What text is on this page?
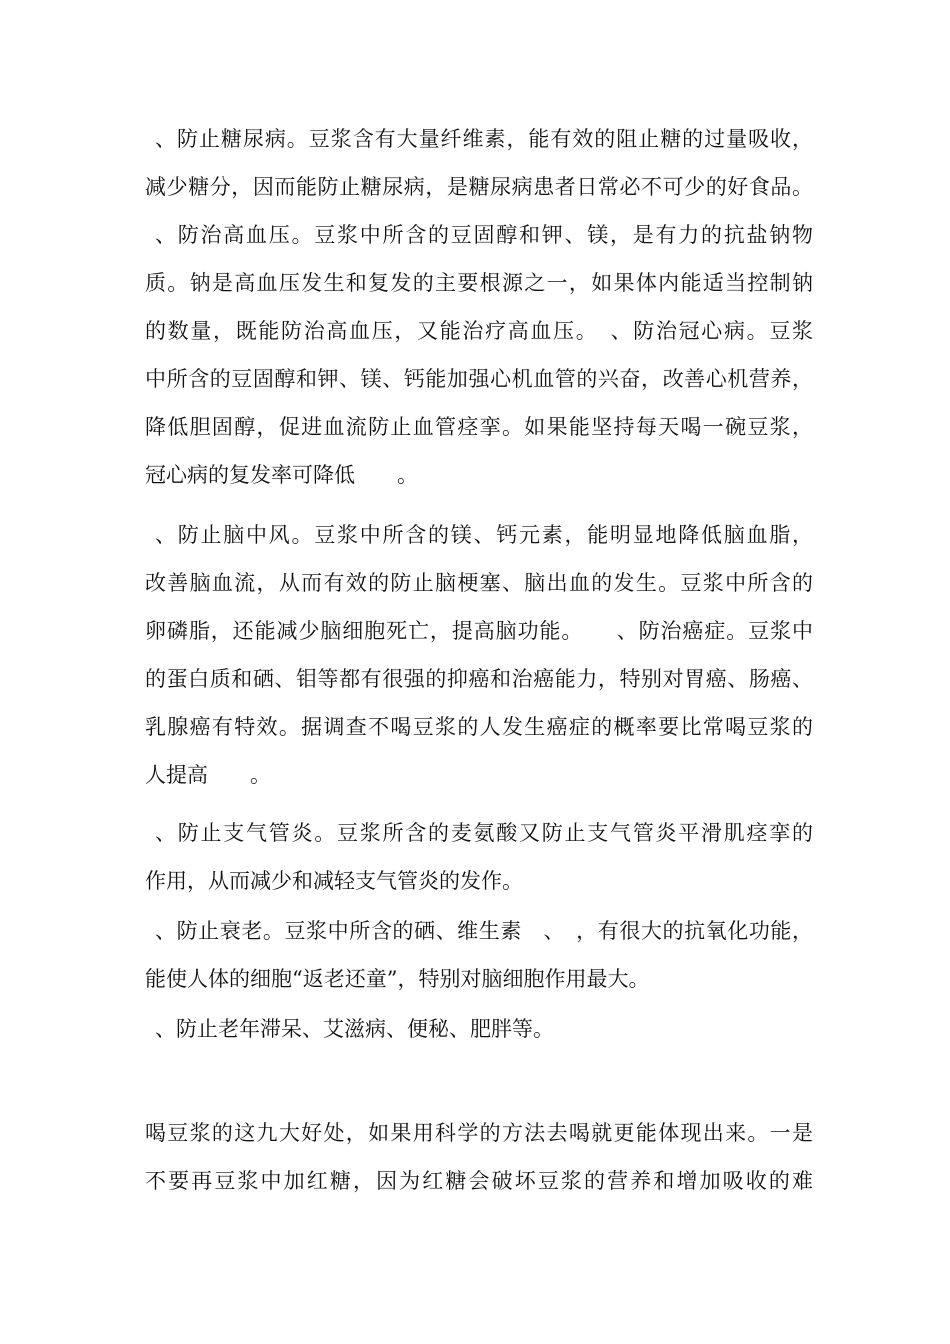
、防止糖尿病。豆浆含有大量纤维素，能有效的阻止糖的过量吸收，
减少糖分，因而能防止糖尿病，是糖尿病患者日常必不可少的好食品。
、防治高血压。豆浆中所含的豆固醇和钾、镁，是有力的抗盐钠物
质。钠是高血压发生和复发的主要根源之一，如果体内能适当控制钠
的数量，既能防治高血压，又能治疗高血压。　、防治冠心病。豆浆
中所含的豆固醇和钾、镁、钙能加强心机血管的兴奋，改善心机营养，
降低胆固醇，促进血流防止血管痉挛。如果能坚持每天喝一碗豆浆，
冠心病的复发率可降低　　。
、防止脑中风。豆浆中所含的镁、钙元素，能明显地降低脑血脂，
改善脑血流，从而有效的防止脑梗塞、脑出血的发生。豆浆中所含的
卵磷脂，还能减少脑细胞死亡，提高脑功能。　　、防治癌症。豆浆中
的蛋白质和硒、钼等都有很强的抑癌和治癌能力，特别对胃癌、肠癌、
乳腺癌有特效。据调查不喝豆浆的人发生癌症的概率要比常喝豆浆的
人提高　　。
、防止支气管炎。豆浆所含的麦氨酸又防止支气管炎平滑肌痉挛的
作用，从而减少和减轻支气管炎的发作。
、防止衰老。豆浆中所含的硒、维生素　、　，有很大的抗氧化功能，
能使人体的细胞“返老还童”，特别对脑细胞作用最大。
、防止老年滞呆、艾滋病、便秘、肥胖等。
喝豆浆的这九大好处，如果用科学的方法去喝就更能体现出来。一是
不要再豆浆中加红糖，因为红糖会破坏豆浆的营养和增加吸收的难
